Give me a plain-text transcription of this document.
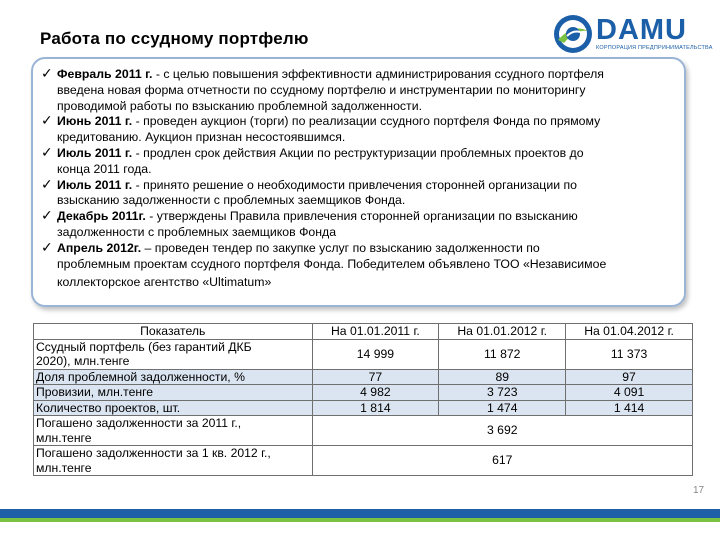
Работа по ссудному портфелю	DAMU
КОРПОРАЦИЯ ПРЕДПРИНИМАТЕЛЬСТВА
✓ Февраль 2011 г. - с целью повышения эффективности администрирования ссудного портфеля
введена новая форма отчетности по ссудному портфелю и инструментарии по мониторингу
проводимой работы по взысканию проблемной задолженности.
✓ Июнь 2011 г. - проведен аукцион (торги) по реализации ссудного портфеля Фонда по прямому
кредитованию. Аукцион признан несостоявшимся.
✓ Июль 2011 г. - продлен срок действия Акции по реструктуризации проблемных проектов до
конца 2011 года.
✓ Июль 2011 г. - принято решение о необходимости привлечения сторонней организации по
взысканию задолженности с проблемных заемщиков Фонда.
✓ Декабрь 2011г. - утверждены Правила привлечения сторонней организации по взысканию
задолженности с проблемных заемщиков Фонда
✓ Апрель 2012г. – проведен тендер по закупке услуг по взысканию задолженности по
проблемным проектам ссудного портфеля Фонда. Победителем объявлено ТОО «Независимое
коллекторское агентство «Ultimatum»
Показатель	На 01.01.2011 г.	На 01.01.2012 г.	На 01.04.2012 г.

Ссудный портфель (без гарантий ДКБ
2020), млн.тенге	14 999	11 872	11 373
Доля проблемной задолженности, %	77	89	97
Провизии, млн.тенге	4 982	3 723	4 091
Количество проектов, шт.	1 814	1 474	1 414

Погашено задолженности за 2011 г.,
млн.тенге	3 692		

Погашено задолженности за 1 кв. 2012 г.,
млн.тенге	617		
17
